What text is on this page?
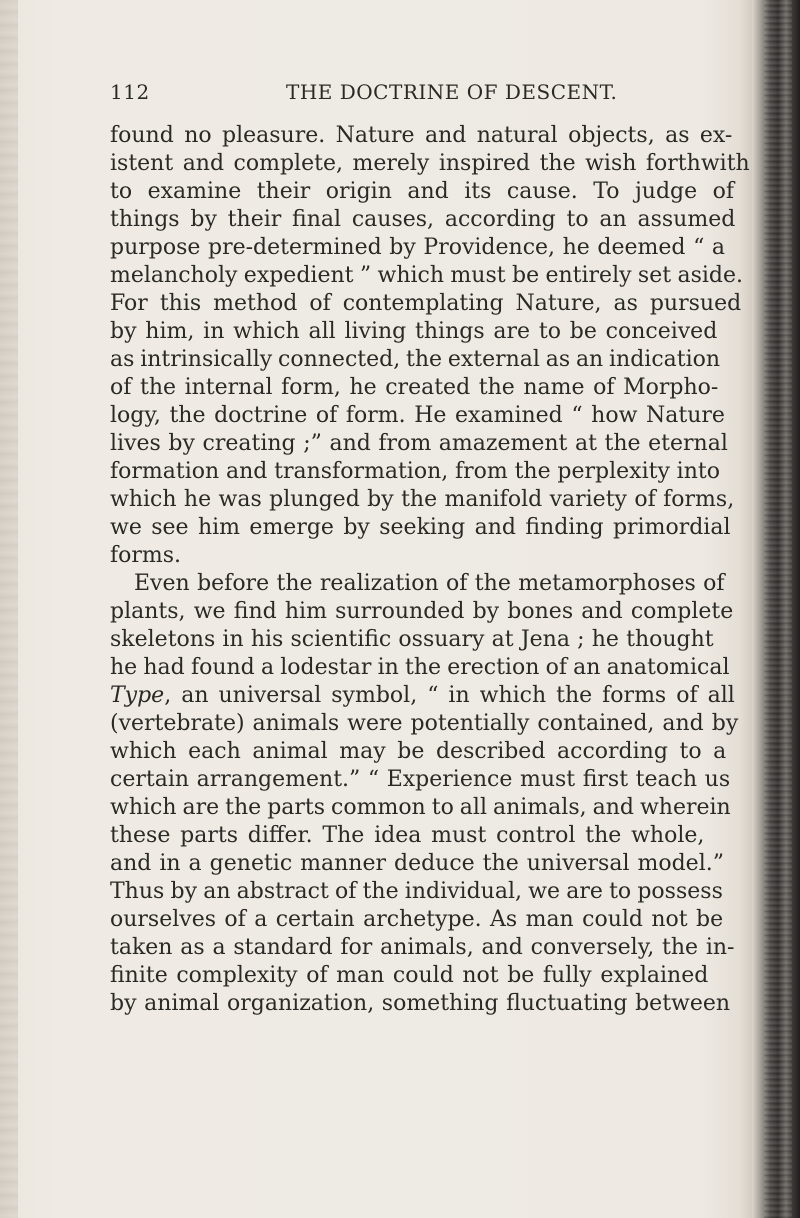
112	THE DOCTRINE OF DESCENT.
found no pleasure. Nature and natural objects, as ex-
istent and complete, merely inspired the wish forthwith
to examine their origin and its cause. To judge of
things by their final causes, according to an assumed
purpose pre-determined by Providence, he deemed “ a
melancholy expedient ” which must be entirely set aside.
For this method of contemplating Nature, as pursued
by him, in which all living things are to be conceived
as intrinsically connected, the external as an indication
of the internal form, he created the name of Morpho-
logy, the doctrine of form. He examined “ how Nature
lives by creating ;” and from amazement at the eternal
formation and transformation, from the perplexity into
which he was plunged by the manifold variety of forms,
we see him emerge by seeking and finding primordial
forms.
Even before the realization of the metamorphoses of
plants, we find him surrounded by bones and complete
skeletons in his scientific ossuary at Jena ; he thought
he had found a lodestar in the erection of an anatomical
Type, an universal symbol, “ in which the forms of all
(vertebrate) animals were potentially contained, and by
which each animal may be described according to a
certain arrangement.” “ Experience must first teach us
which are the parts common to all animals, and wherein
these parts differ. The idea must control the whole,
and in a genetic manner deduce the universal model.”
Thus by an abstract of the individual, we are to possess
ourselves of a certain archetype. As man could not be
taken as a standard for animals, and conversely, the in-
finite complexity of man could not be fully explained
by animal organization, something fluctuating between
